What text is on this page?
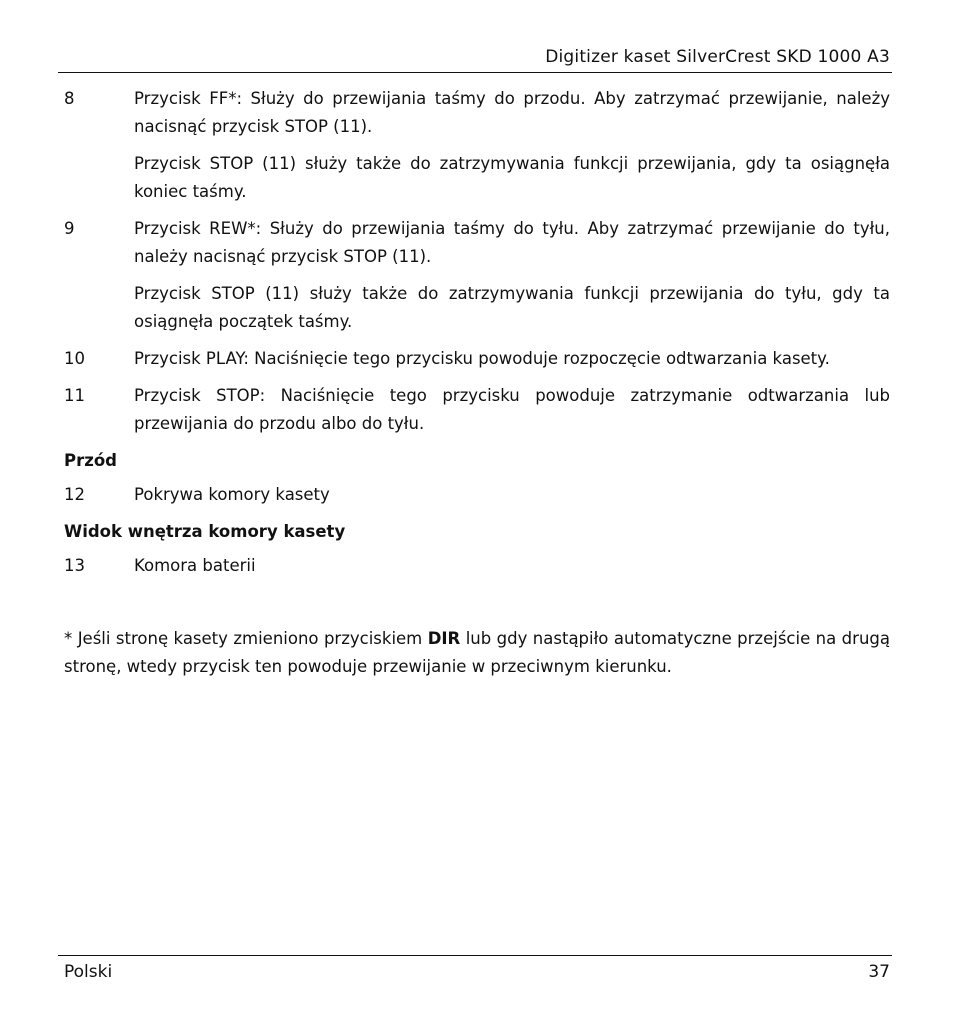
Digitizer kaset SilverCrest SKD 1000 A3
8	Przycisk FF*: Służy do przewijania taśmy do przodu. Aby zatrzymać przewijanie, należy nacisnąć przycisk STOP (11).

Przycisk STOP (11) służy także do zatrzymywania funkcji przewijania, gdy ta osiągnęła koniec taśmy.

9	Przycisk REW*: Służy do przewijania taśmy do tyłu. Aby zatrzymać przewijanie do tyłu, należy nacisnąć przycisk STOP (11).

Przycisk STOP (11) służy także do zatrzymywania funkcji przewijania do tyłu, gdy ta osiągnęła początek taśmy.

10	Przycisk PLAY: Naciśnięcie tego przycisku powoduje rozpoczęcie odtwarzania kasety.

11	Przycisk STOP: Naciśnięcie tego przycisku powoduje zatrzymanie odtwarzania lub przewijania do przodu albo do tyłu.

Przód
12	Pokrywa komory kasety
Widok wnętrza komory kasety
13	Komora baterii
* Jeśli stronę kasety zmieniono przyciskiem DIR lub gdy nastąpiło automatyczne przejście na drugą stronę, wtedy przycisk ten powoduje przewijanie w przeciwnym kierunku.
Polski	37
